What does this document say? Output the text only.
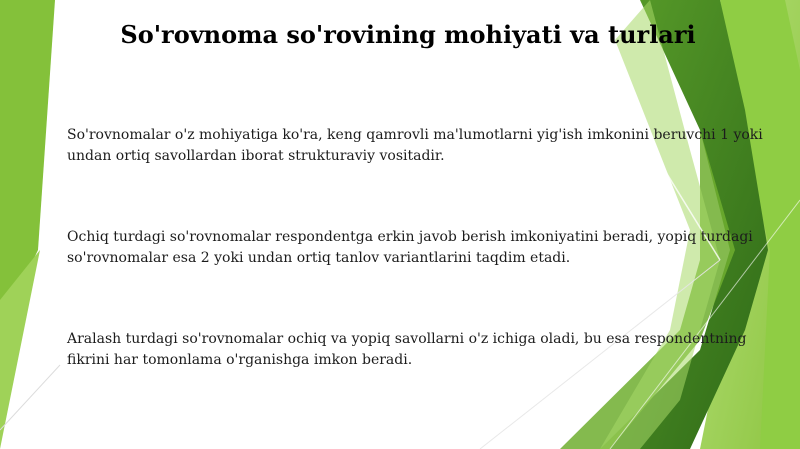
So'rovnoma so'rovining mohiyati va turlari

So'rovnomalar o'z mohiyatiga ko'ra, keng qamrovli ma'lumotlarni yig'ish imkonini beruvchi 1 yoki undan ortiq savollardan iborat strukturaviy vositadir.

Ochiq turdagi so'rovnomalar respondentga erkin javob berish imkoniyatini beradi, yopiq turdagi so'rovnomalar esa 2 yoki undan ortiq tanlov variantlarini taqdim etadi.

Aralash turdagi so'rovnomalar ochiq va yopiq savollarni o'z ichiga oladi, bu esa respondentning fikrini har tomonlama o'rganishga imkon beradi.
